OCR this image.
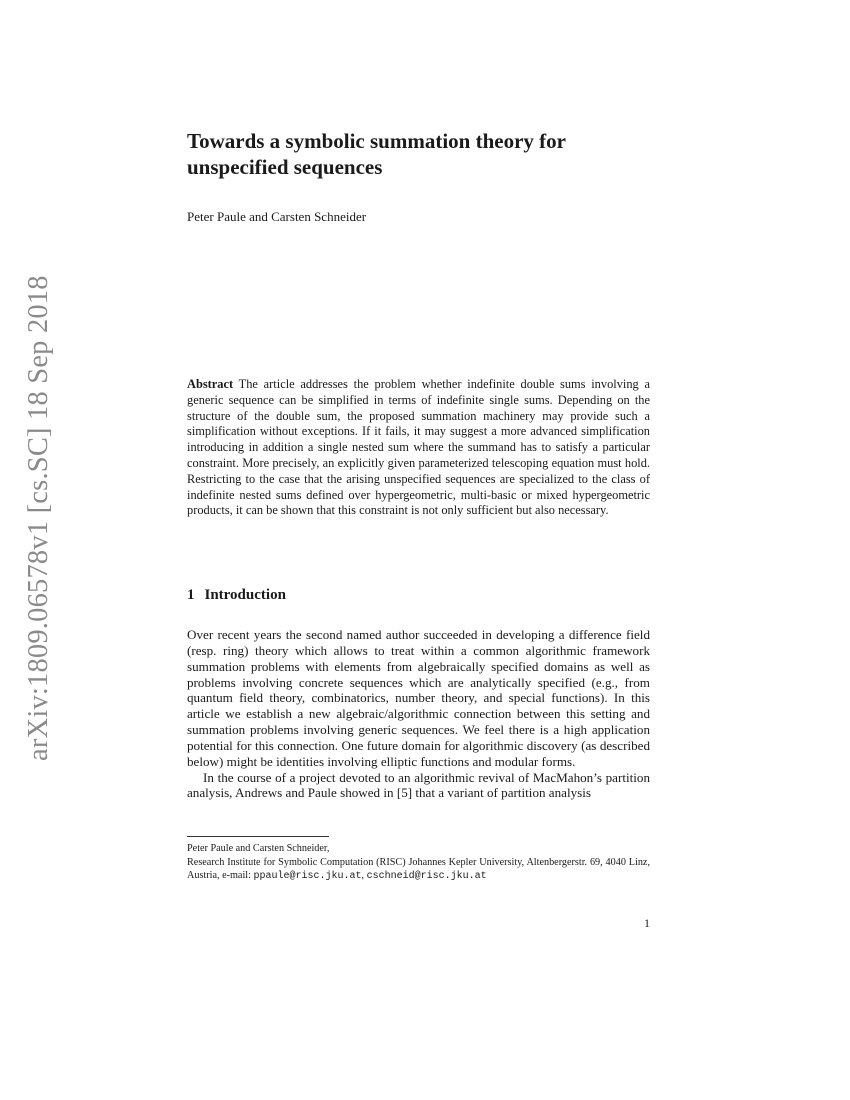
arXiv:1809.06578v1 [cs.SC] 18 Sep 2018
Towards a symbolic summation theory for unspecified sequences
Peter Paule and Carsten Schneider

Abstract The article addresses the problem whether indefinite double sums involving a generic sequence can be simplified in terms of indefinite single sums. Depending on the structure of the double sum, the proposed summation machinery may provide such a simplification without exceptions. If it fails, it may suggest a more advanced simplification introducing in addition a single nested sum where the summand has to satisfy a particular constraint. More precisely, an explicitly given parameterized telescoping equation must hold. Restricting to the case that the arising unspecified sequences are specialized to the class of indefinite nested sums defined over hypergeometric, multi-basic or mixed hypergeometric products, it can be shown that this constraint is not only sufficient but also necessary.

1 Introduction

Over recent years the second named author succeeded in developing a difference field (resp. ring) theory which allows to treat within a common algorithmic framework summation problems with elements from algebraically specified domains as well as problems involving concrete sequences which are analytically specified (e.g., from quantum field theory, combinatorics, number theory, and special functions). In this article we establish a new algebraic/algorithmic connection between this setting and summation problems involving generic sequences. We feel there is a high application potential for this connection. One future domain for algorithmic discovery (as described below) might be identities involving elliptic functions and modular forms.

In the course of a project devoted to an algorithmic revival of MacMahon’s partition analysis, Andrews and Paule showed in [5] that a variant of partition analysis

Peter Paule and Carsten Schneider,
Research Institute for Symbolic Computation (RISC) Johannes Kepler University, Altenbergerstr. 69, 4040 Linz, Austria, e-mail: ppaule@risc.jku.at, cschneid@risc.jku.at
1
